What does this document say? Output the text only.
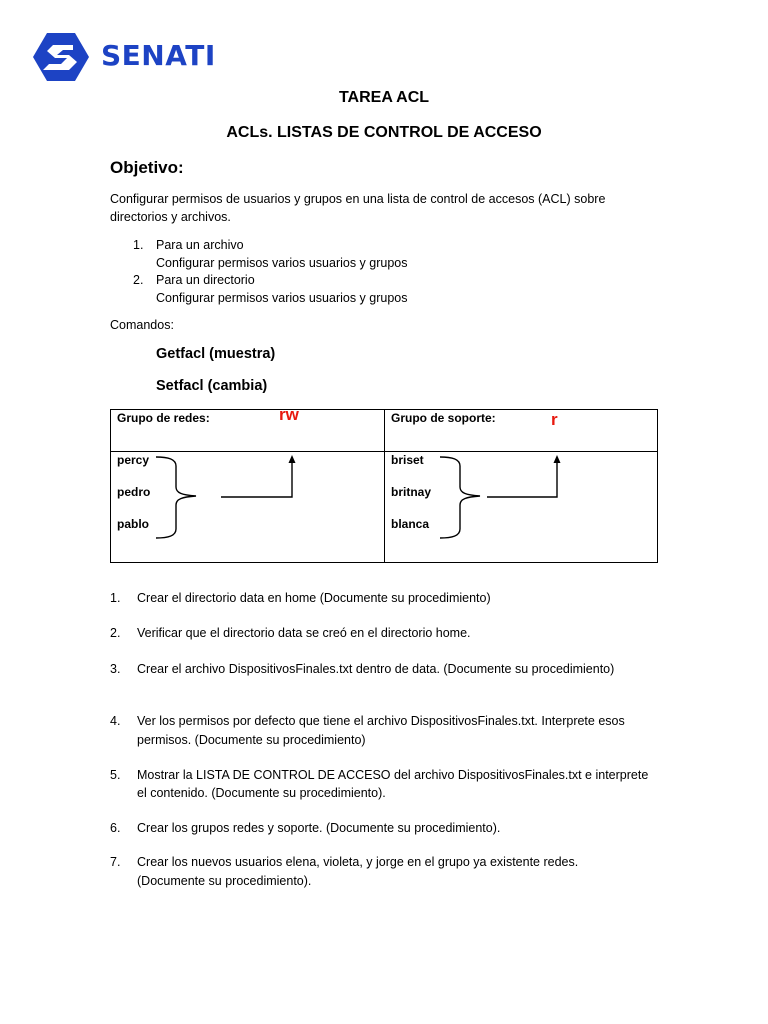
SENATI
TAREA ACL
ACLs. LISTAS DE CONTROL DE ACCESO
Objetivo:
Configurar permisos de usuarios y grupos en una lista de control de accesos (ACL) sobre
directorios y archivos.
1. Para un archivo
Configurar permisos varios usuarios y grupos
2. Para un directorio
Configurar permisos varios usuarios y grupos
Comandos:
Getfacl (muestra)
Setfacl (cambia)
Grupo de redes:	rw	Grupo de soporte:	r
percy
pedro
pablo
briset
britnay
blanca
1. Crear el directorio data en home (Documente su procedimiento)
2. Verificar que el directorio data se creó en el directorio home.
3. Crear el archivo DispositivosFinales.txt dentro de data. (Documente su procedimiento)
4. Ver los permisos por defecto que tiene el archivo DispositivosFinales.txt. Interprete esos
permisos. (Documente su procedimiento)
5. Mostrar la LISTA DE CONTROL DE ACCESO del archivo DispositivosFinales.txt e interprete
el contenido. (Documente su procedimiento).
6. Crear los grupos redes y soporte. (Documente su procedimiento).
7. Crear los nuevos usuarios elena, violeta, y jorge en el grupo ya existente redes.
(Documente su procedimiento).
